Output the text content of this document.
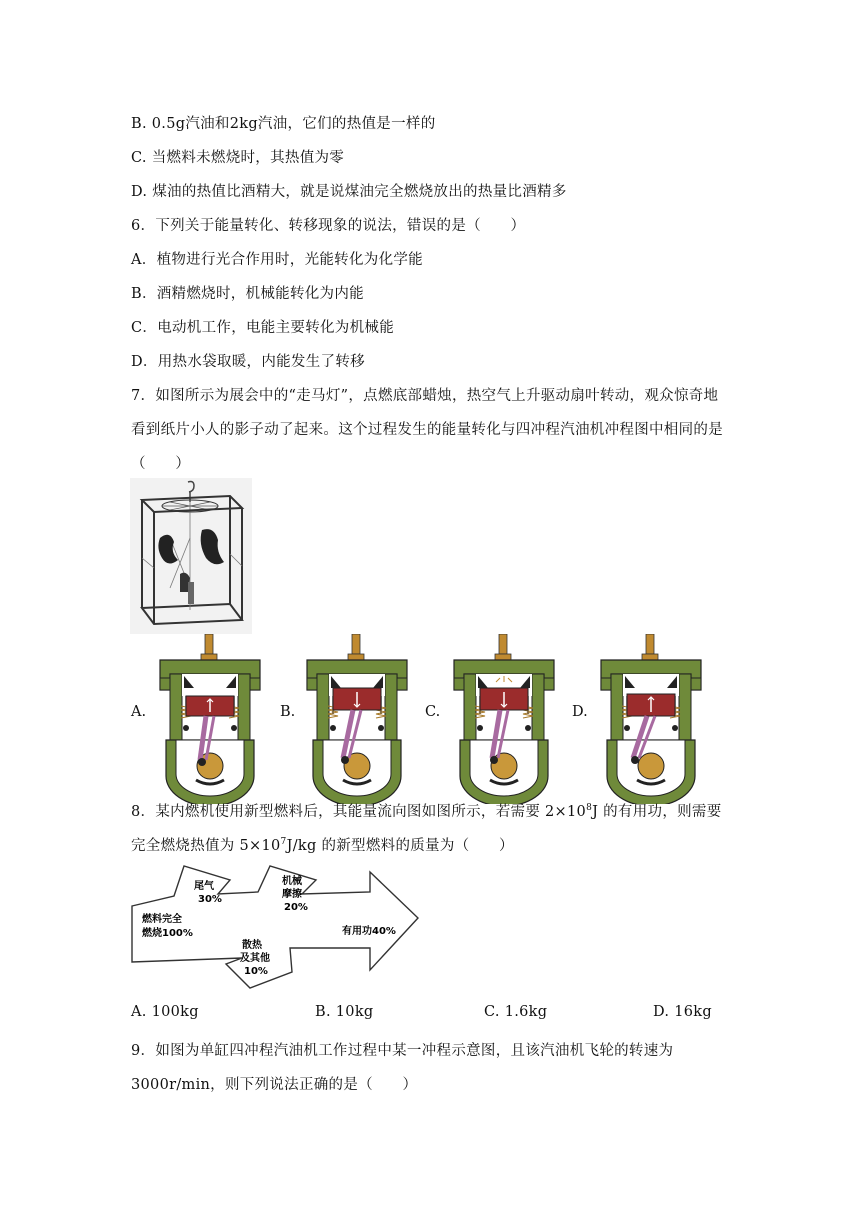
B. 0.5g汽油和2kg汽油，它们的热值是一样的
C. 当燃料未燃烧时，其热值为零
D. 煤油的热值比酒精大，就是说煤油完全燃烧放出的热量比酒精多
6．下列关于能量转化、转移现象的说法，错误的是（　　）
A．植物进行光合作用时，光能转化为化学能
B．酒精燃烧时，机械能转化为内能
C．电动机工作，电能主要转化为机械能
D．用热水袋取暖，内能发生了转移
7．如图所示为展会中的“走马灯”，点燃底部蜡烛，热空气上升驱动扇叶转动，观众惊奇地
看到纸片小人的影子动了起来。这个过程发生的能量转化与四冲程汽油机冲程图中相同的是
（　　）
A.	B.	C.	D.
8．某内燃机使用新型燃料后，其能量流向图如图所示，若需要 $2\times 10^8J$ 的有用功，则需要
完全燃烧热值为 $5\times 10^7J/kg$ 的新型燃料的质量为（　　）
尾气
30%
机械
摩擦
20%
燃料完全
燃烧100%	有用功40%
散热
及其他
10%
A. 100kg	B. 10kg	C. 1.6kg	D. 16kg
9．如图为单缸四冲程汽油机工作过程中某一冲程示意图，且该汽油机飞轮的转速为
3000r/min，则下列说法正确的是（　　）
